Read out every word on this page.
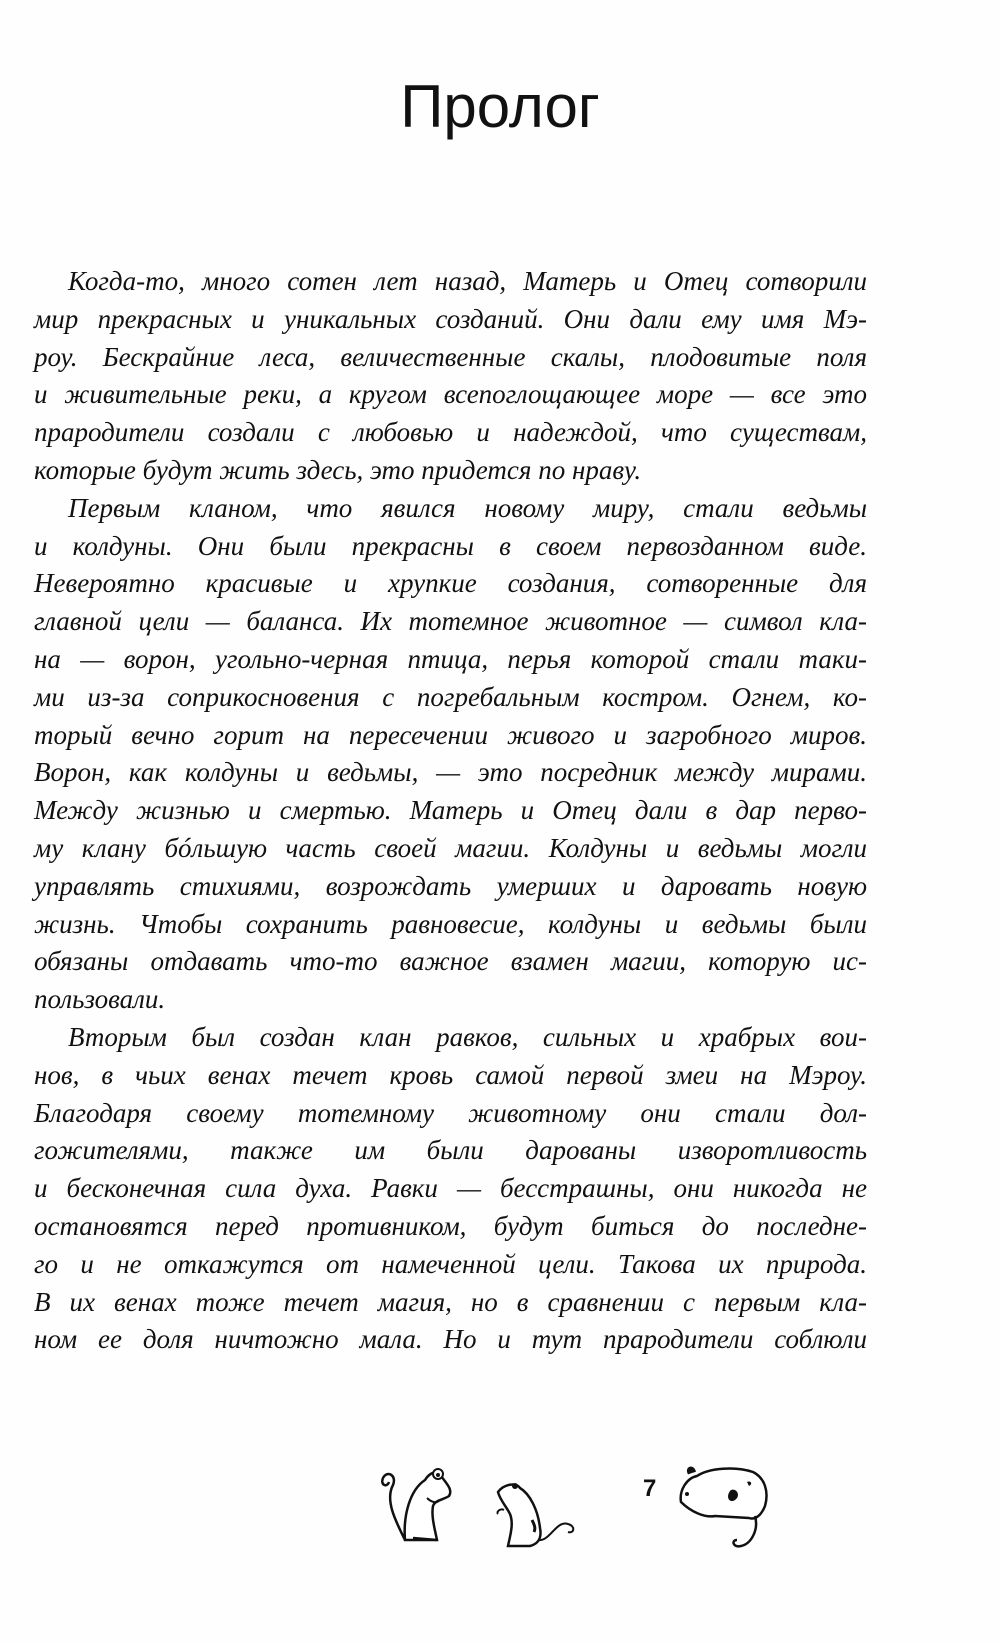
Пролог
Когда-то, много сотен лет назад, Матерь и Отец сотворили
мир прекрасных и уникальных созданий. Они дали ему имя Мэ-
роу. Бескрайние леса, величественные скалы, плодовитые поля
и живительные реки, а кругом всепоглощающее море — все это
прародители создали с любовью и надеждой, что существам,
которые будут жить здесь, это придется по нраву.
Первым кланом, что явился новому миру, стали ведьмы
и колдуны. Они были прекрасны в своем первозданном виде.
Невероятно красивые и хрупкие создания, сотворенные для
главной цели — баланса. Их тотемное животное — символ кла-
на — ворон, угольно-черная птица, перья которой стали таки-
ми из-за соприкосновения с погребальным костром. Огнем, ко-
торый вечно горит на пересечении живого и загробного миров.
Ворон, как колдуны и ведьмы, — это посредник между мирами.
Между жизнью и смертью. Матерь и Отец дали в дар перво-
му клану бóльшую часть своей магии. Колдуны и ведьмы могли
управлять стихиями, возрождать умерших и даровать новую
жизнь. Чтобы сохранить равновесие, колдуны и ведьмы были
обязаны отдавать что-то важное взамен магии, которую ис-
пользовали.
Вторым был создан клан равков, сильных и храбрых вои-
нов, в чьих венах течет кровь самой первой змеи на Мэроу.
Благодаря своему тотемному животному они стали дол-
гожителями, также им были дарованы изворотливость
и бесконечная сила духа. Равки — бесстрашны, они никогда не
остановятся перед противником, будут биться до последне-
го и не откажутся от намеченной цели. Такова их природа.
В их венах тоже течет магия, но в сравнении с первым кла-
ном ее доля ничтожно мала. Но и тут прародители соблюли
7
